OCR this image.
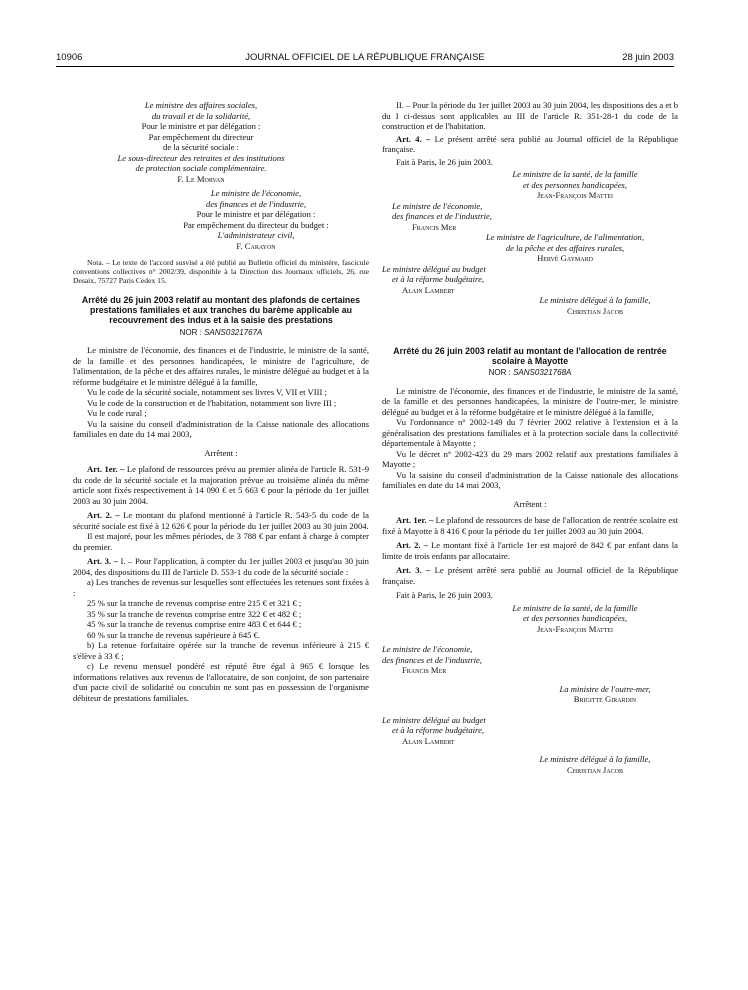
10906	JOURNAL OFFICIEL DE LA RÉPUBLIQUE FRANÇAISE	28 juin 2003

Le ministre des affaires sociales,

du travail et de la solidarité,

Pour le ministre et par délégation :

Par empêchement du directeur

de la sécurité sociale :

Le sous-directeur des retraites et des institutions

de protection sociale complémentaire.

F. Le Morvan

Le ministre de l'économie,

des finances et de l'industrie,

Pour le ministre et par délégation :

Par empêchement du directeur du budget :

L'administrateur civil,

F. Carayon

Nota. – Le texte de l'accord susvisé a été publié au Bulletin officiel du ministère, fascicule conventions collectives n° 2002/39, disponible à la Direction des Journaux officiels, 26, rue Desaix, 75727 Paris Cedex 15.

Arrêté du 26 juin 2003 relatif au montant des plafonds de certaines prestations familiales et aux tranches du barème applicable au recouvrement des indus et à la saisie des prestations

NOR : SANS0321767A

Le ministre de l'économie, des finances et de l'industrie, le ministre de la santé, de la famille et des personnes handicapées, le ministre de l'agriculture, de l'alimentation, de la pêche et des affaires rurales, le ministre délégué au budget et à la réforme budgétaire et le ministre délégué à la famille,

Vu le code de la sécurité sociale, notamment ses livres V, VII et VIII ;

Vu le code de la construction et de l'habitation, notamment son livre III ;

Vu le code rural ;

Vu la saisine du conseil d'administration de la Caisse nationale des allocations familiales en date du 14 mai 2003,

Arrêtent :

Art. 1er. – Le plafond de ressources prévu au premier alinéa de l'article R. 531-9 du code de la sécurité sociale et la majoration prévue au troisième alinéa du même article sont fixés respectivement à 14 090 € et 5 663 € pour la période du 1er juillet 2003 au 30 juin 2004.

Art. 2. – Le montant du plafond mentionné à l'article R. 543-5 du code de la sécurité sociale est fixé à 12 626 € pour la période du 1er juillet 2003 au 30 juin 2004.

Il est majoré, pour les mêmes périodes, de 3 788 € par enfant à charge à compter du premier.

Art. 3. – I. – Pour l'application, à compter du 1er juillet 2003 et jusqu'au 30 juin 2004, des dispositions du III de l'article D. 553-1 du code de la sécurité sociale :

a) Les tranches de revenus sur lesquelles sont effectuées les retenues sont fixées à :

25 % sur la tranche de revenus comprise entre 215 € et 321 € ;

35 % sur la tranche de revenus comprise entre 322 € et 482 € ;

45 % sur la tranche de revenus comprise entre 483 € et 644 € ;

60 % sur la tranche de revenus supérieure à 645 €.

b) La retenue forfaitaire opérée sur la tranche de revenus inférieure à 215 € s'élève à 33 € ;

c) Le revenu mensuel pondéré est réputé être égal à 965 € lorsque les informations relatives aux revenus de l'allocataire, de son conjoint, de son partenaire d'un pacte civil de solidarité ou concubin ne sont pas en possession de l'organisme débiteur de prestations familiales.

II. – Pour la période du 1er juillet 2003 au 30 juin 2004, les dispositions des a et b du I ci-dessus sont applicables au III de l'article R. 351-28-1 du code de la construction et de l'habitation.

Art. 4. – Le présent arrêté sera publié au Journal officiel de la République française.

Fait à Paris, le 26 juin 2003.

Le ministre de la santé, de la famille

et des personnes handicapées,

Jean-François Mattei

Le ministre de l'économie,

des finances et de l'industrie,

Francis Mer

Le ministre de l'agriculture, de l'alimentation,

de la pêche et des affaires rurales,

Hervé Gaymard

Le ministre délégué au budget

et à la réforme budgétaire,

Alain Lambert

Le ministre délégué à la famille,

Christian Jacob

Arrêté du 26 juin 2003 relatif au montant de l'allocation de rentrée scolaire à Mayotte

NOR : SANS0321768A

Le ministre de l'économie, des finances et de l'industrie, le ministre de la santé, de la famille et des personnes handicapées, la ministre de l'outre-mer, le ministre délégué au budget et à la réforme budgétaire et le ministre délégué à la famille,

Vu l'ordonnance n° 2002-149 du 7 février 2002 relative à l'extension et à la généralisation des prestations familiales et à la protection sociale dans la collectivité départementale à Mayotte ;

Vu le décret n° 2002-423 du 29 mars 2002 relatif aux prestations familiales à Mayotte ;

Vu la saisine du conseil d'administration de la Caisse nationale des allocations familiales en date du 14 mai 2003,

Arrêtent :

Art. 1er. – Le plafond de ressources de base de l'allocation de rentrée scolaire est fixé à Mayotte à 8 416 € pour la période du 1er juillet 2003 au 30 juin 2004.

Art. 2. – Le montant fixé à l'article 1er est majoré de 842 € par enfant dans la limite de trois enfants par allocataire.

Art. 3. – Le présent arrêté sera publié au Journal officiel de la République française.

Fait à Paris, le 26 juin 2003.

Le ministre de la santé, de la famille

et des personnes handicapées,

Jean-François Mattei

Le ministre de l'économie,

des finances et de l'industrie,

Francis Mer

La ministre de l'outre-mer,

Brigitte Girardin

Le ministre délégué au budget

et à la réforme budgétaire,

Alain Lambert

Le ministre délégué à la famille,

Christian Jacob
